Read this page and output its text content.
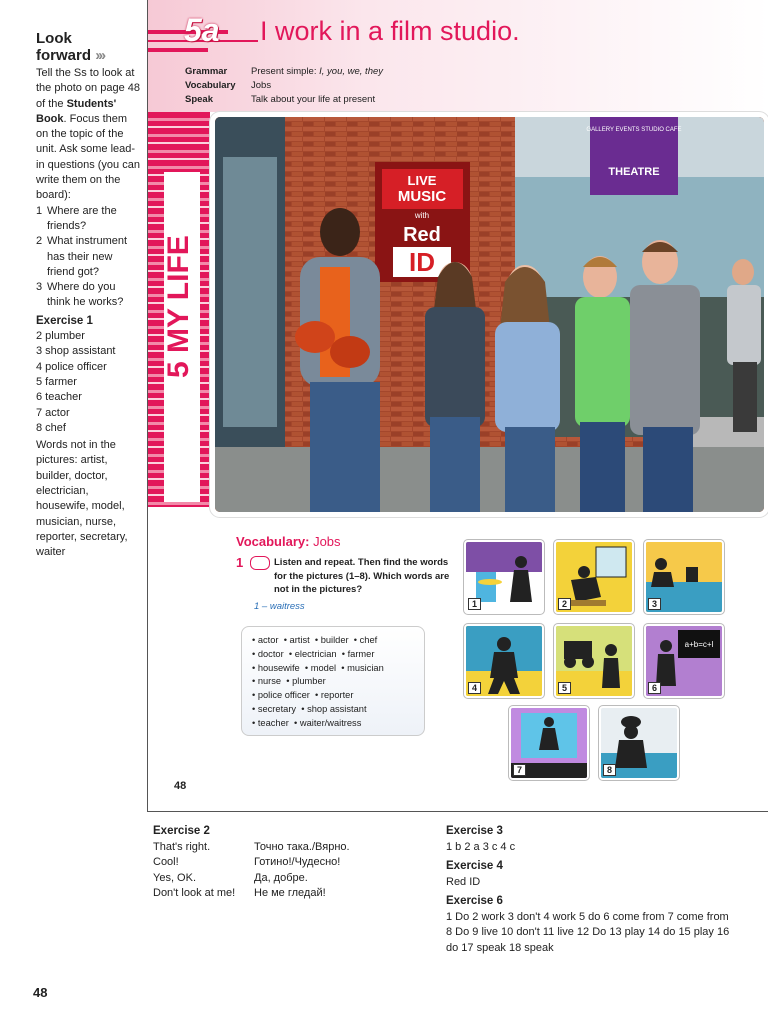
Look
forward ›››

Tell the Ss to look at the photo on page 48 of the Students' Book. Focus them on the topic of the unit. Ask some lead-in questions (you can write them on the board):

1 Where are the friends?
2 What instrument has their new friend got?
3 Where do you think he works?
Exercise 1
2 plumber
3 shop assistant
4 police officer
5 farmer
6 teacher
7 actor
8 chef

Words not in the pictures: artist, builder, doctor, electrician, housewife, model, musician, nurse, reporter, secretary, waiter

5a I work in a film studio.
Grammar	Present simple: I, you, we, they
Vocabulary	Jobs
Speak	Talk about your life at present
5 MY LIFE
GALLERY EVENTS STUDIO CAFE
THEATRE
LIVE
MUSIC
with
Red
ID
Vocabulary: Jobs
1	Listen and repeat. Then find the words for the pictures (1–8). Which words are not in the pictures?
1 – waitress
• actor • artist • builder • chef
• doctor • electrician • farmer
• housewife • model • musician
• nurse • plumber
• police officer • reporter
• secretary • shop assistant
• teacher • waiter/waitress
1	2	3
4	5
a+b=c+l
6
7	8
48
Exercise 2
That's right.	Точно така./Вярно.
Cool!	Готино!/Чудесно!
Yes, OK.	Да, добре.
Don't look at me!	Не ме гледай!
Exercise 3
1 b 2 a 3 c 4 c
Exercise 4
Red ID
Exercise 6
1 Do 2 work 3 don't 4 work 5 do 6 come from 7 come from 8 Do 9 live 10 don't 11 live 12 Do 13 play 14 do 15 play 16 do 17 speak 18 speak
48
